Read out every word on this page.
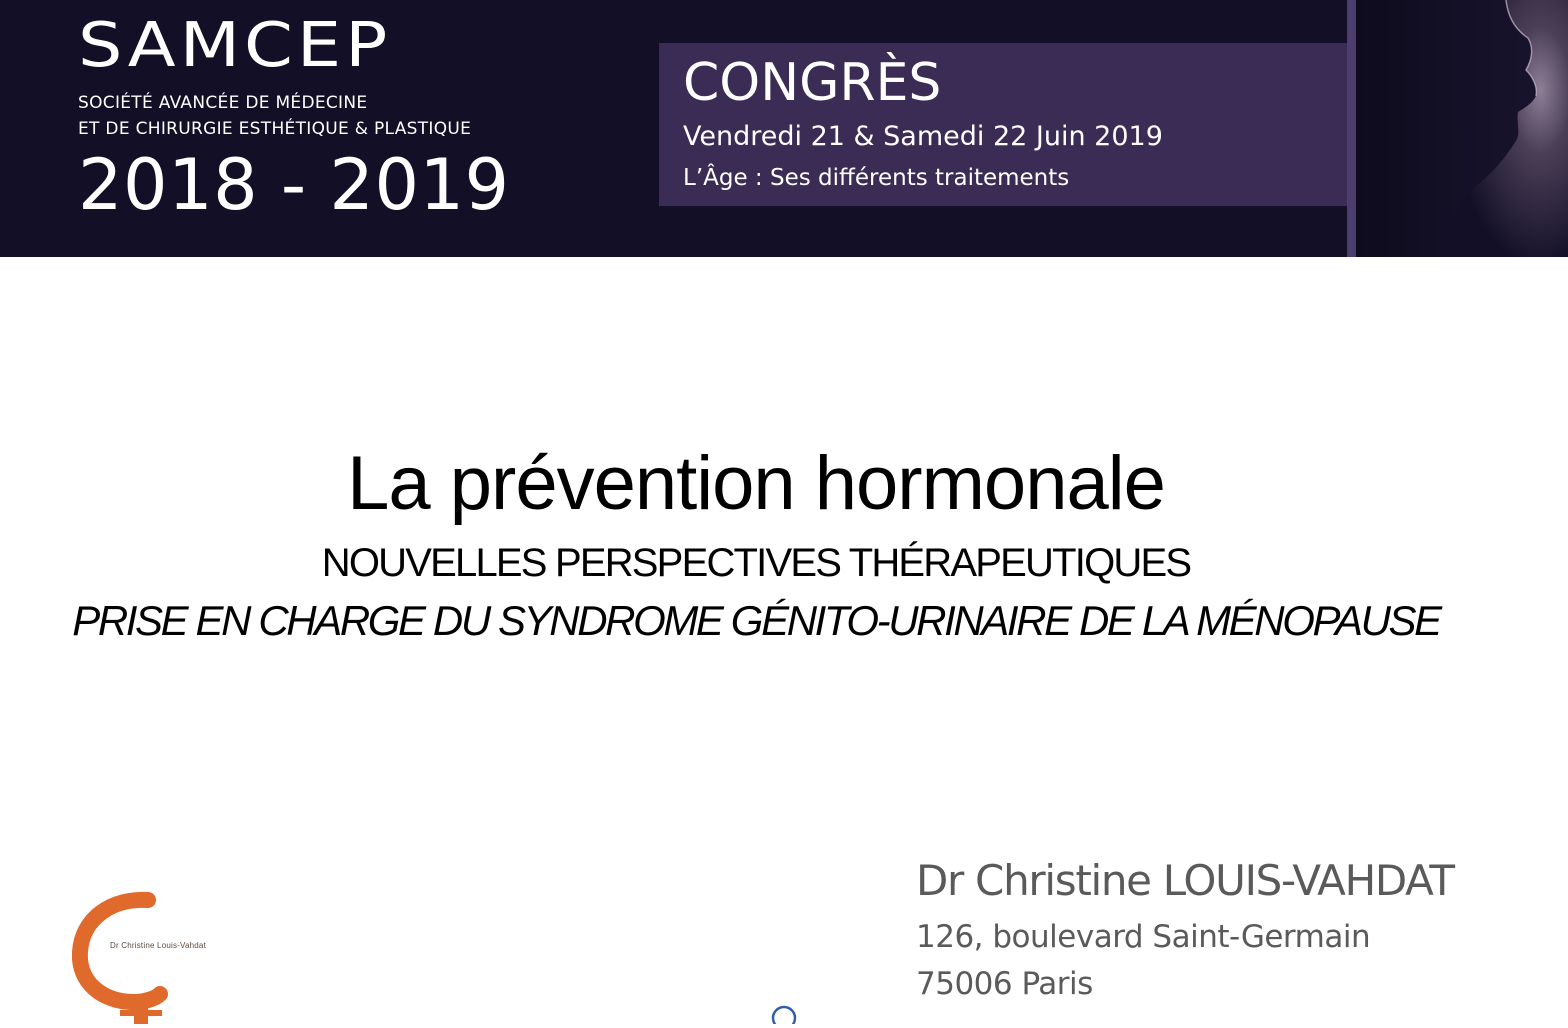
SAMCEP
SOCIÉTÉ AVANCÉE DE MÉDECINE
ET DE CHIRURGIE ESTHÉTIQUE & PLASTIQUE
2018 - 2019
CONGRÈS
Vendredi 21 & Samedi 22 Juin 2019
L’Âge : Ses différents traitements
La prévention hormonale
NOUVELLES PERSPECTIVES THÉRAPEUTIQUES
PRISE EN CHARGE DU SYNDROME GÉNITO-URINAIRE DE LA MÉNOPAUSE
Dr Christine Louis-Vahdat
Dr Christine LOUIS-VAHDAT
126, boulevard Saint-Germain
75006 Paris
